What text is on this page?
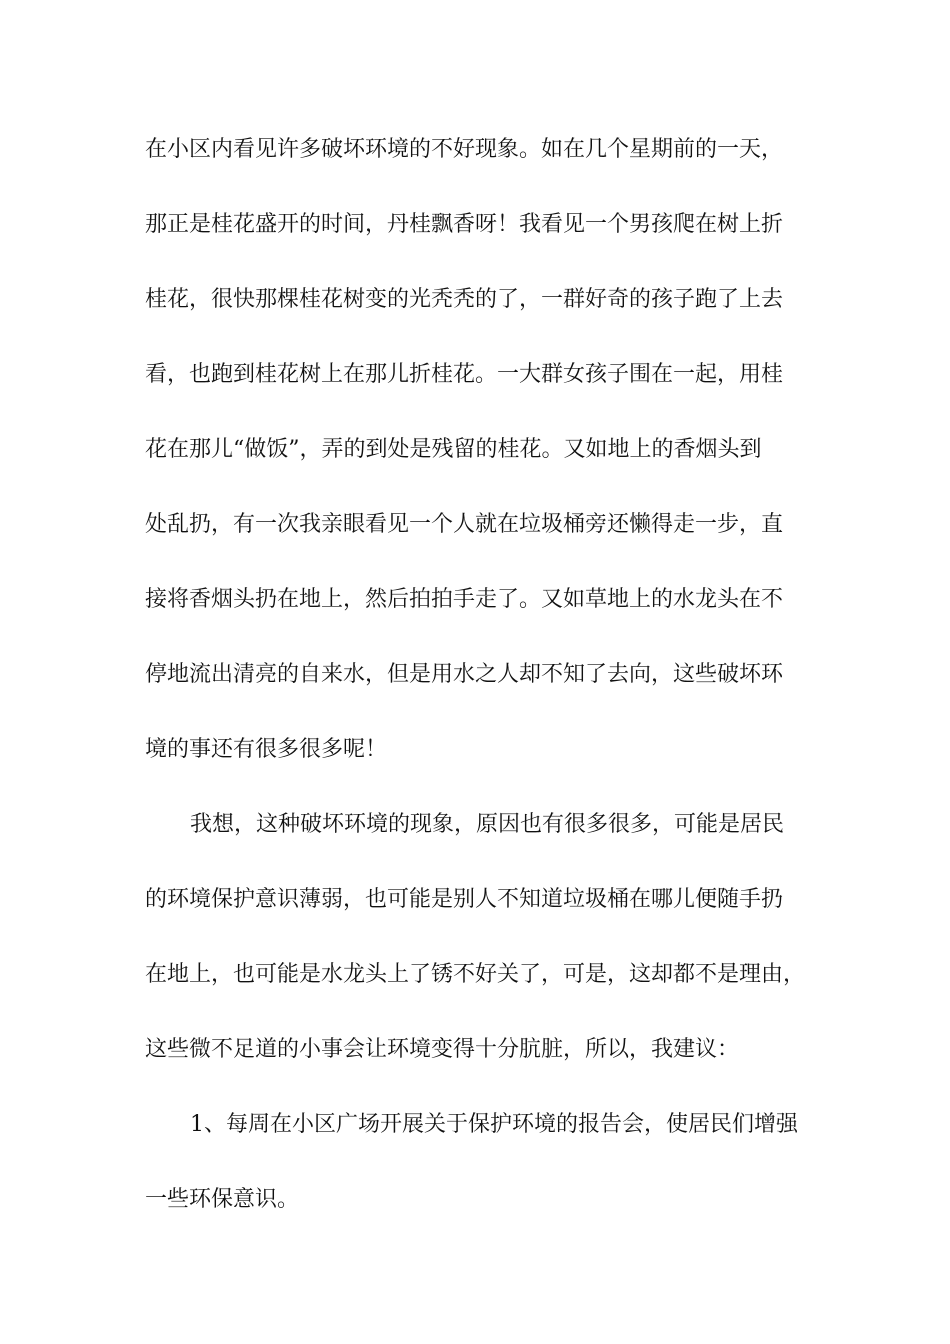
在小区内看见许多破坏环境的不好现象。如在几个星期前的一天，
那正是桂花盛开的时间，丹桂飘香呀！我看见一个男孩爬在树上折
桂花，很快那棵桂花树变的光秃秃的了，一群好奇的孩子跑了上去
看，也跑到桂花树上在那儿折桂花。一大群女孩子围在一起，用桂
花在那儿“做饭”，弄的到处是残留的桂花。又如地上的香烟头到
处乱扔，有一次我亲眼看见一个人就在垃圾桶旁还懒得走一步，直
接将香烟头扔在地上，然后拍拍手走了。又如草地上的水龙头在不
停地流出清亮的自来水，但是用水之人却不知了去向，这些破坏环
境的事还有很多很多呢！
我想，这种破坏环境的现象，原因也有很多很多，可能是居民
的环境保护意识薄弱，也可能是别人不知道垃圾桶在哪儿便随手扔
在地上，也可能是水龙头上了锈不好关了，可是，这却都不是理由，
这些微不足道的小事会让环境变得十分肮脏，所以，我建议：
1、每周在小区广场开展关于保护环境的报告会，使居民们增强
一些环保意识。
